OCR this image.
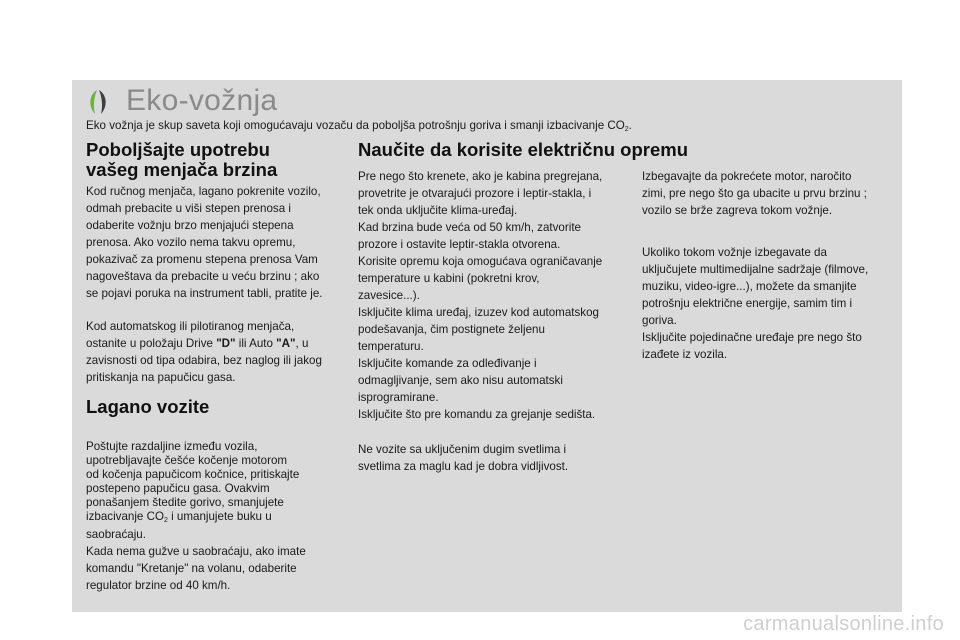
Eko-vožnja
Eko vožnja je skup saveta koji omogućavaju vozaču da poboljša potrošnju goriva i smanji izbacivanje $CO_2$.
Poboljšajte upotrebu
vašeg menjača brzina
Kod ručnog menjača, lagano pokrenite vozilo,
odmah prebacite u viši stepen prenosa i
odaberite vožnju brzo menjajući stepena
prenosa. Ako vozilo nema takvu opremu,
pokazivač za promenu stepena prenosa Vam
nagoveštava da prebacite u veću brzinu ; ako
se pojavi poruka na instrument tabli, pratite je.
Kod automatskog ili pilotiranog menjača,
ostanite u položaju Drive "D" ili Auto "A", u
zavisnosti od tipa odabira, bez naglog ili jakog
pritiskanja na papučicu gasa.
Lagano vozite
Poštujte razdaljine između vozila,
upotrebljavajte češće kočenje motorom
od kočenja papučicom kočnice, pritiskajte
postepeno papučicu gasa. Ovakvim
ponašanjem štedite gorivo, smanjujete
izbacivanje $CO_2$ i umanjujete buku u
saobraćaju.
Kada nema gužve u saobraćaju, ako imate
komandu "Kretanje" na volanu, odaberite
regulator brzine od 40 km/h.
Naučite da korisite električnu opremu
Pre nego što krenete, ako je kabina pregrejana,
provetrite je otvarajući prozore i leptir-stakla, i
tek onda uključite klima-uređaj.
Kad brzina bude veća od 50 km/h, zatvorite
prozore i ostavite leptir-stakla otvorena.
Korisite opremu koja omogućava ograničavanje
temperature u kabini (pokretni krov,
zavesice...).
Isključite klima uređaj, izuzev kod automatskog
podešavanja, čim postignete željenu
temperaturu.
Isključite komande za odleđivanje i
odmagljivanje, sem ako nisu automatski
isprogramirane.
Isključite što pre komandu za grejanje sedišta.
Ne vozite sa uključenim dugim svetlima i
svetlima za maglu kad je dobra vidljivost.
Izbegavajte da pokrećete motor, naročito
zimi, pre nego što ga ubacite u prvu brzinu ;
vozilo se brže zagreva tokom vožnje.
Ukoliko tokom vožnje izbegavate da
uključujete multimedijalne sadržaje (filmove,
muziku, video-igre...), možete da smanjite
potrošnju električne energije, samim tim i
goriva.
Isključite pojedinačne uređaje pre nego što
izađete iz vozila.
carmanualsonline.info
